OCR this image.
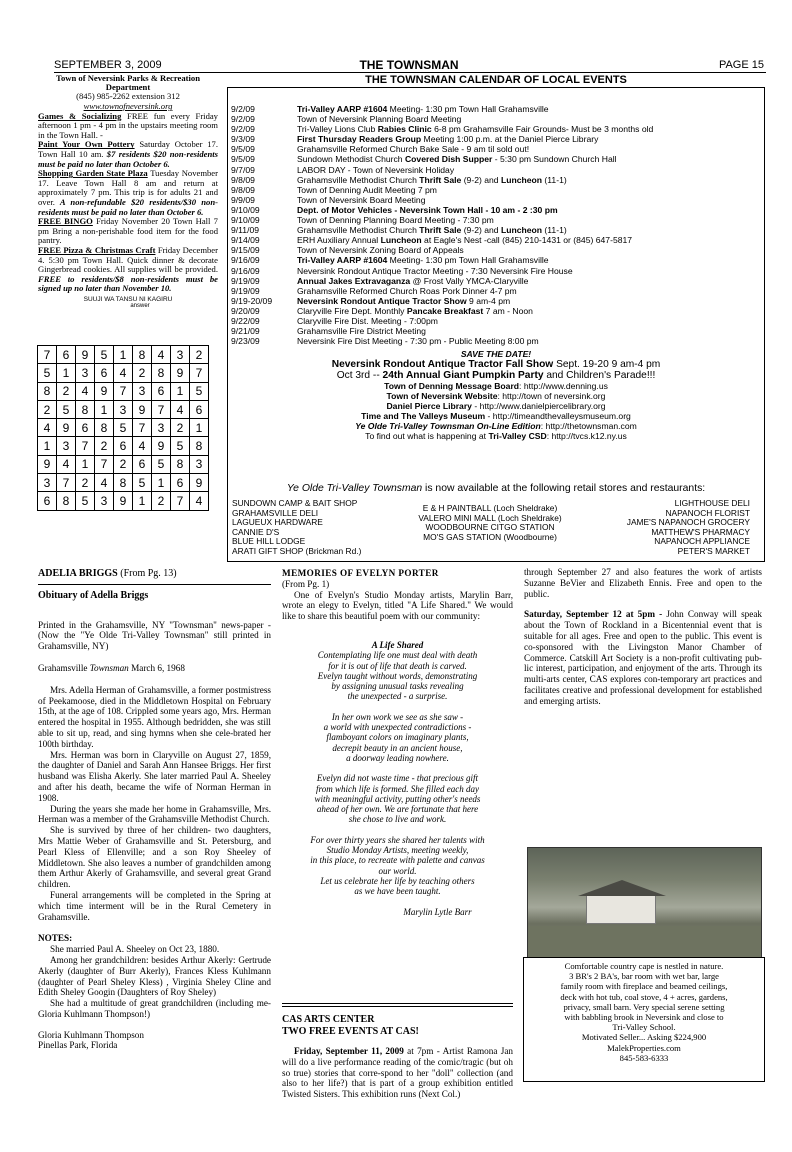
SEPTEMBER 3, 2009	THE TOWNSMAN	PAGE 15
Town of Neversink Parks & Recreation Department
(845) 985-2262 extension 312
www.townofneversink.org

Games & Socializing FREE fun every Friday afternoon 1 pm - 4 pm in the upstairs meeting room in the Town Hall. -

Paint Your Own Pottery Saturday October 17. Town Hall 10 am. $7 residents $20 non-residents must be paid no later than October 6.

Shopping Garden State Plaza Tuesday November 17. Leave Town Hall 8 am and return at approximately 7 pm. This trip is for adults 21 and over. A non-refundable $20 residents/$30 non-residents must be paid no later than October 6.

FREE BINGO Friday November 20 Town Hall 7 pm Bring a non-perishable food item for the food pantry.

FREE Pizza & Christmas Craft Friday December 4. 5:30 pm Town Hall. Quick dinner & decorate Gingerbread cookies. All supplies will be provided. FREE to residents/$8 non-residents must be signed up no later than November 10.

SUUJI WA TANSU NI KAGIRU
answer
7	6	9	5	1	8	4	3	2
5	1	3	6	4	2	8	9	7
8	2	4	9	7	3	6	1	5
2	5	8	1	3	9	7	4	6
4	9	6	8	5	7	3	2	1
1	3	7	2	6	4	9	5	8
9	4	1	7	2	6	5	8	3
3	7	2	4	8	5	1	6	9
6	8	5	3	9	1	2	7	4
THE TOWNSMAN CALENDAR OF LOCAL EVENTS
9/2/09	Tri-Valley AARP #1604 Meeting- 1:30 pm Town Hall Grahamsville
9/2/09	Town of Neversink Planning Board Meeting
9/2/09	Tri-Valley Lions Club Rabies Clinic 6-8 pm Grahamsville Fair Grounds- Must be 3 months old
9/3/09	First Thursday Readers Group Meeting 1:00 p.m. at the Daniel Pierce Library
9/5/09	Grahamsville Reformed Church Bake Sale - 9 am til sold out!
9/5/09	Sundown Methodist Church Covered Dish Supper - 5:30 pm Sundown Church Hall
9/7/09	LABOR DAY - Town of Neversink Holiday
9/8/09	Grahamsville Methodist Church Thrift Sale (9-2) and Luncheon (11-1)
9/8/09	Town of Denning Audit Meeting 7 pm
9/9/09	Town of Neversink Board Meeting
9/10/09	Dept. of Motor Vehicles - Neversink Town Hall - 10 am - 2 :30 pm
9/10/09	Town of Denning Planning Board Meeting - 7:30 pm
9/11/09	Grahamsville Methodist Church Thrift Sale (9-2) and Luncheon (11-1)
9/14/09	ERH Auxiliary Annual Luncheon at Eagle's Nest -call (845) 210-1431 or (845) 647-5817
9/15/09	Town of Neversink Zoning Board of Appeals
9/16/09	Tri-Valley AARP #1604 Meeting- 1:30 pm Town Hall Grahamsville
9/16/09	Neversink Rondout Antique Tractor Meeting - 7:30 Neversink Fire House
9/19/09	Annual Jakes Extravaganza @ Frost Vally YMCA-Claryville
9/19/09	Grahamsville Reformed Church Roas Pork Dinner 4-7 pm
9/19-20/09	Neversink Rondout Antique Tractor Show 9 am-4 pm
9/20/09	Claryville Fire Dept. Monthly Pancake Breakfast 7 am - Noon
9/22/09	Claryville Fire Dist. Meeting - 7:00pm
9/21/09	Grahamsville Fire District Meeting
9/23/09	Neversink Fire Dist Meeting - 7:30 pm - Public Meeting 8:00 pm
SAVE THE DATE!
Neversink Rondout Antique Tractor Fall Show Sept. 19-20 9 am-4 pm
Oct 3rd -- 24th Annual Giant Pumpkin Party and Children's Parade!!!
Town of Denning Message Board: http://www.denning.us
Town of Neversink Website: http://town of neversink.org
Daniel Pierce Library - http://www.danielpiercelibrary.org
Time and The Valleys Museum - http://timeandthevalleysmuseum.org
Ye Olde Tri-Valley Townsman On-Line Edition: http://thetownsman.com
To find out what is happening at Tri-Valley CSD: http://tvcs.k12.ny.us
Ye Olde Tri-Valley Townsman is now available at the following retail stores and restaurants:
SUNDOWN CAMP & BAIT SHOP
GRAHAMSVILLE DELI
LAGUEUX HARDWARE
CANNIE D'S
BLUE HILL LODGE
ARATI GIFT SHOP (Brickman Rd.)
E & H PAINTBALL (Loch Sheldrake)
VALERO MINI MALL (Loch Sheldrake)
WOODBOURNE CITGO STATION
MO'S GAS STATION (Woodbourne)
LIGHTHOUSE DELI
NAPANOCH FLORIST
JAME'S NAPANOCH GROCERY
MATTHEW'S PHARMACY
NAPANOCH APPLIANCE
PETER'S MARKET
ADELIA BRIGGS (From Pg. 13)
Obituary of Adella Briggs

Printed in the Grahamsville, NY "Townsman" news-paper - (Now the "Ye Olde Tri-Valley Townsman" still printed in Grahamsville, NY)

Grahamsville Townsman March 6, 1968

Mrs. Adella Herman of Grahamsville, a former postmistress of Peekamoose, died in the Middletown Hospital on February 15th, at the age of 108. Crippled some years ago, Mrs. Herman entered the hospital in 1955. Although bedridden, she was still able to sit up, read, and sing hymns when she cele-brated her 100th birthday.

Mrs. Herman was born in Claryville on August 27, 1859, the daughter of Daniel and Sarah Ann Hansee Briggs. Her first husband was Elisha Akerly. She later married Paul A. Sheeley and after his death, became the wife of Norman Herman in 1908.

During the years she made her home in Grahamsville, Mrs. Herman was a member of the Grahamsville Methodist Church.

She is survived by three of her children- two daughters, Mrs Mattie Weber of Grahamsville and St. Petersburg, and Pearl Kless of Ellenville; and a son Roy Sheeley of Middletown. She also leaves a number of grandchilden among them Arthur Akerly of Grahamsville, and several great Grand children.

Funeral arrangements will be completed in the Spring at which time interment will be in the Rural Cemetery in Grahamsville.

NOTES:

She married Paul A. Sheeley on Oct 23, 1880.

Among her grandchildren: besides Arthur Akerly: Gertrude Akerly (daughter of Burr Akerly), Frances Kless Kuhlmann (daughter of Pearl Sheley Kless) , Virginia Sheley Cline and Edith Sheley Googin (Daughters of Roy Sheley)

She had a multitude of great grandchildren (including me- Gloria Kuhlmann Thompson!)

Gloria Kuhlmann Thompson

Pinellas Park, Florida

MEMORIES OF EVELYN PORTER

(From Pg. 1)

One of Evelyn's Studio Monday artists, Marylin Barr, wrote an elegy to Evelyn, titled "A Life Shared." We would like to share this beautiful poem with our community:

A Life Shared
Contemplating life one must deal with death
for it is out of life that death is carved.
Evelyn taught without words, demonstrating
by assigning unusual tasks revealing
the unexpected - a surprise.
In her own work we see as she saw -
a world with unexpected contradictions -
flamboyant colors on imaginary plants,
decrepit beauty in an ancient house,
a doorway leading nowhere.
Evelyn did not waste time - that precious gift
from which life is formed. She filled each day
with meaningful activity, putting other's needs
ahead of her own. We are fortunate that here
she chose to live and work.
For over thirty years she shared her talents with
Studio Monday Artists, meeting weekly,
in this place, to recreate with palette and canvas
our world.
Let us celebrate her life by teaching others
as we have been taught.
Marylin Lytle Barr
CAS ARTS CENTER
TWO FREE EVENTS AT CAS!

Friday, September 11, 2009 at 7pm - Artist Ramona Jan will do a live performance reading of the comic/tragic (but oh so true) stories that corre-spond to her "doll" collection (and also to her life?) that is part of a group exhibition entitled Twisted Sisters. This exhibition runs (Next Col.)

through September 27 and also features the work of artists Suzanne BeVier and Elizabeth Ennis. Free and open to the public.

Saturday, September 12 at 5pm - John Conway will speak about the Town of Rockland in a Bicentennial event that is suitable for all ages. Free and open to the public. This event is co-sponsored with the Livingston Manor Chamber of Commerce. Catskill Art Society is a non-profit cultivating pub-lic interest, participation, and enjoyment of the arts. Through its multi-arts center, CAS explores con-temporary art practices and facilitates creative and professional development for established and emerging artists.

Comfortable country cape is nestled in nature.
3 BR's 2 BA's, bar room with wet bar, large
family room with fireplace and beamed ceilings,
deck with hot tub, coal stove, 4 + acres, gardens,
privacy, small barn. Very special serene setting
with babbling brook in Neversink and close to
Tri-Valley School.
Motivated Seller... Asking $224,900
MalekProperties.com
845-583-6333
